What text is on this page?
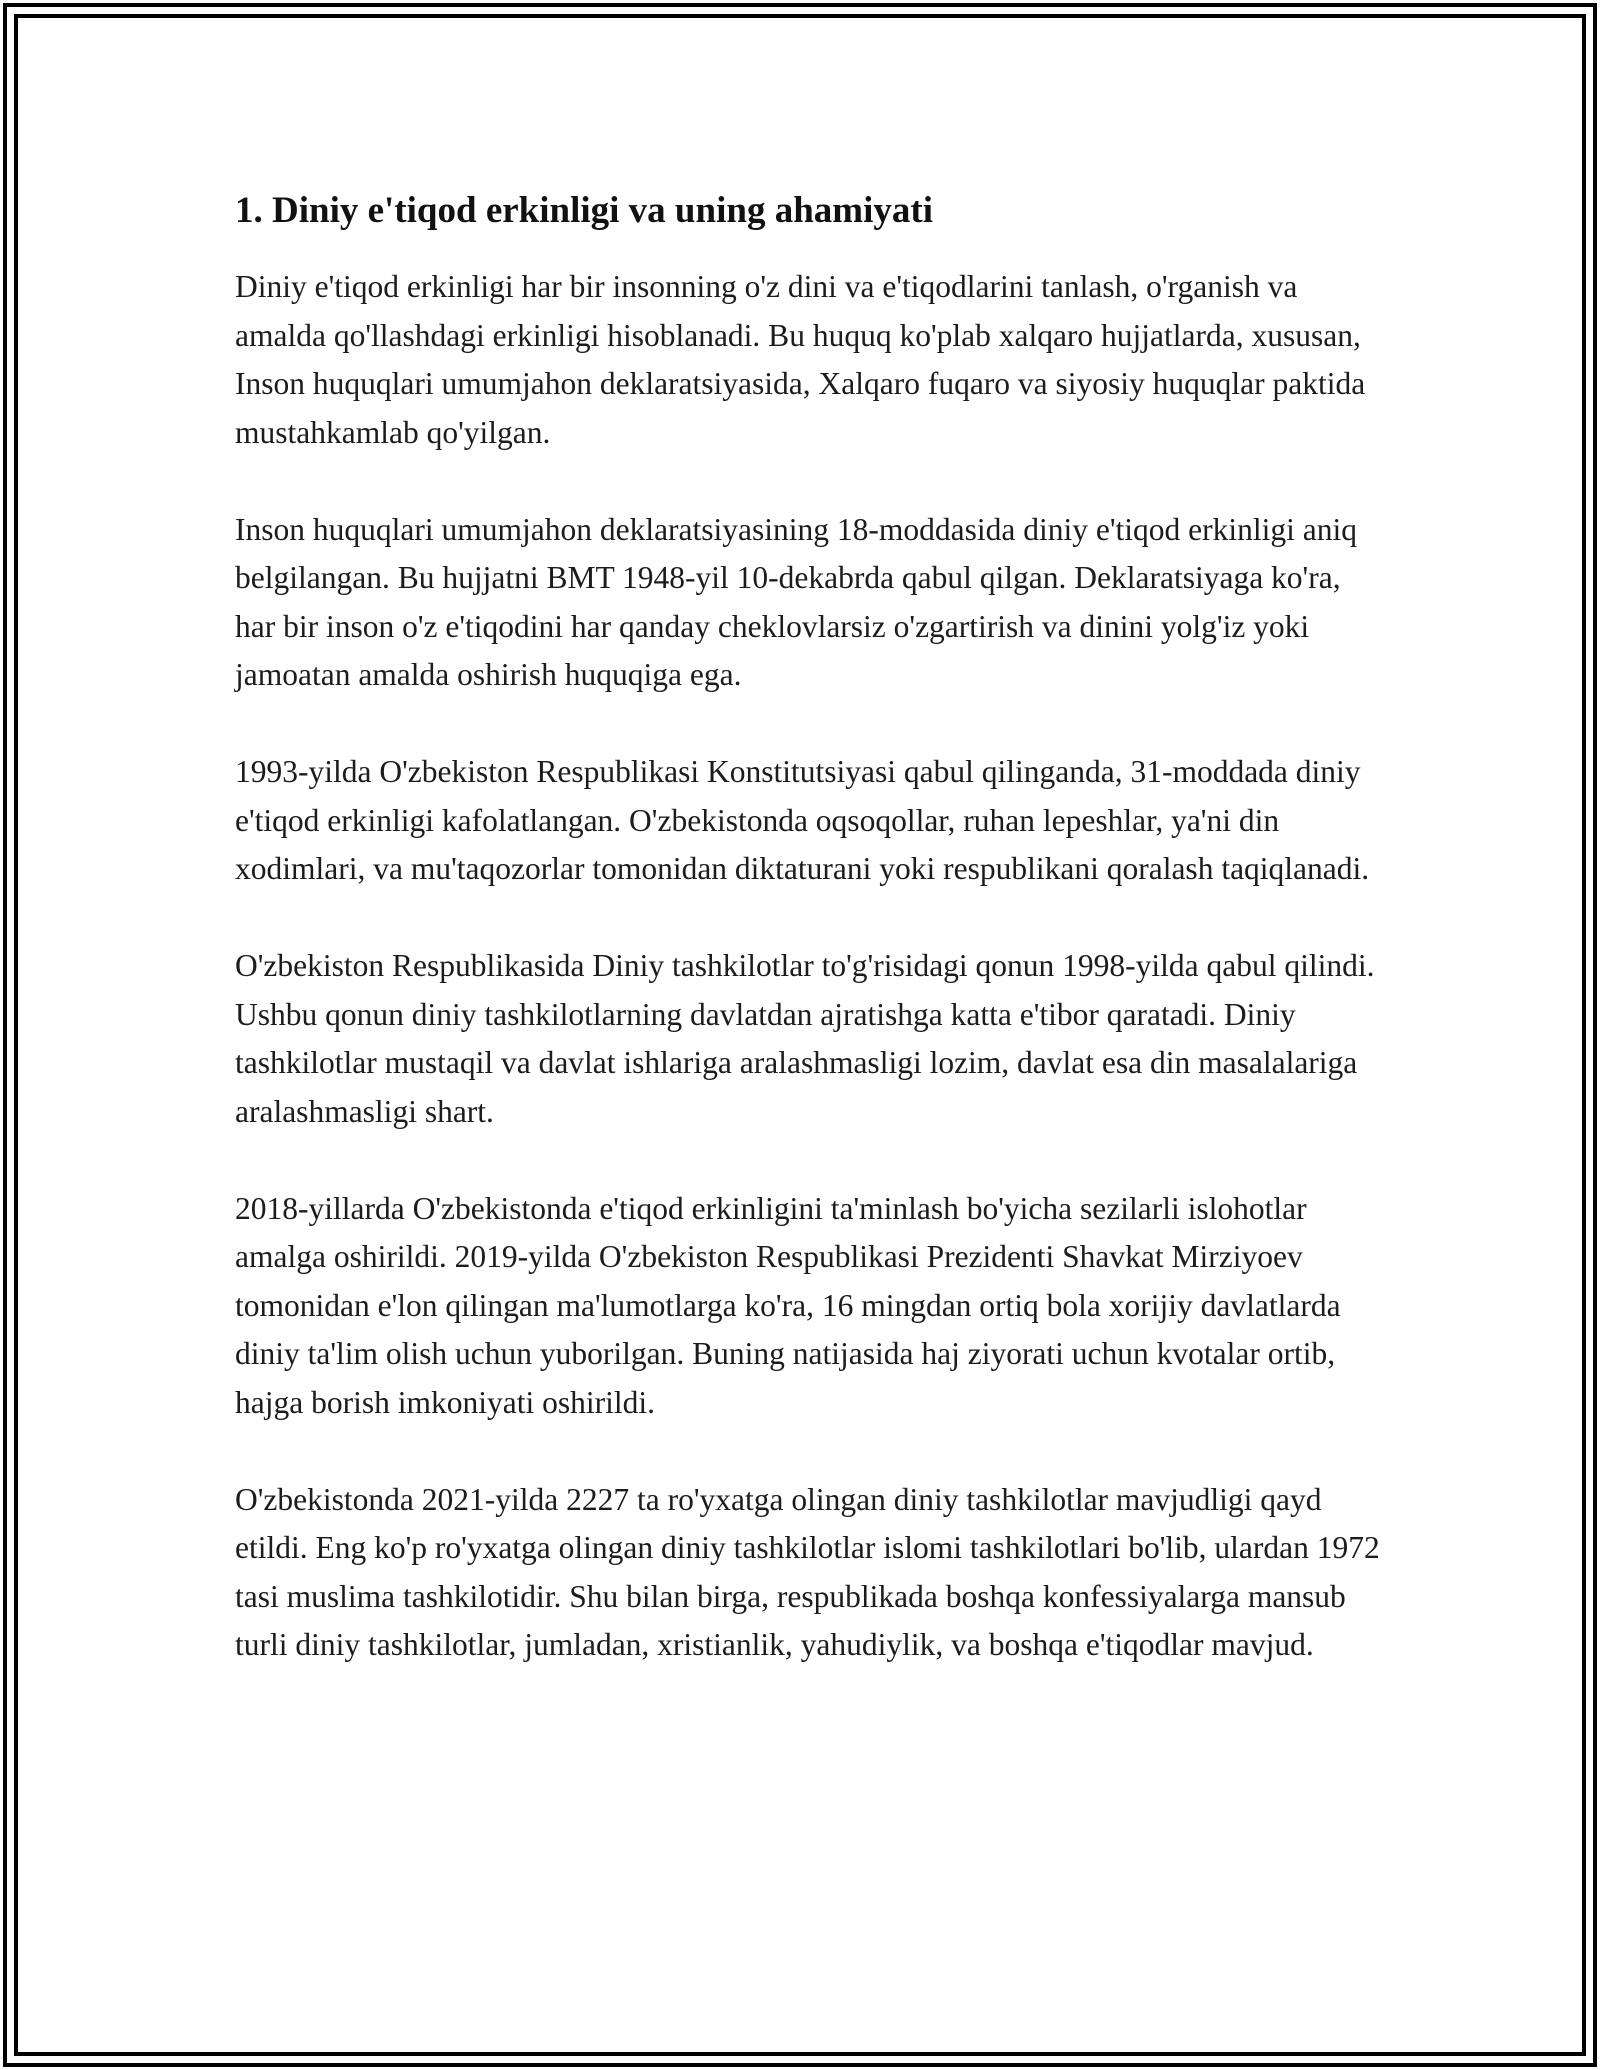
1. Diniy e'tiqod erkinligi va uning ahamiyati

Diniy e'tiqod erkinligi har bir insonning o'z dini va e'tiqodlarini tanlash, o'rganish va amalda qo'llashdagi erkinligi hisoblanadi. Bu huquq ko'plab xalqaro hujjatlarda, xususan, Inson huquqlari umumjahon deklaratsiyasida, Xalqaro fuqaro va siyosiy huquqlar paktida mustahkamlab qo'yilgan.

Inson huquqlari umumjahon deklaratsiyasining 18-moddasida diniy e'tiqod erkinligi aniq belgilangan. Bu hujjatni BMT 1948-yil 10-dekabrda qabul qilgan. Deklaratsiyaga ko'ra, har bir inson o'z e'tiqodini har qanday cheklovlarsiz o'zgartirish va dinini yolg'iz yoki jamoatan amalda oshirish huquqiga ega.

1993-yilda O'zbekiston Respublikasi Konstitutsiyasi qabul qilinganda, 31-moddada diniy e'tiqod erkinligi kafolatlangan. O'zbekistonda oqsoqollar, ruhan lepeshlar, ya'ni din xodimlari, va mu'taqozorlar tomonidan diktaturani yoki respublikani qoralash taqiqlanadi.

O'zbekiston Respublikasida Diniy tashkilotlar to'g'risidagi qonun 1998-yilda qabul qilindi. Ushbu qonun diniy tashkilotlarning davlatdan ajratishga katta e'tibor qaratadi. Diniy tashkilotlar mustaqil va davlat ishlariga aralashmasligi lozim, davlat esa din masalalariga aralashmasligi shart.

2018-yillarda O'zbekistonda e'tiqod erkinligini ta'minlash bo'yicha sezilarli islohotlar amalga oshirildi. 2019-yilda O'zbekiston Respublikasi Prezidenti Shavkat Mirziyoev tomonidan e'lon qilingan ma'lumotlarga ko'ra, 16 mingdan ortiq bola xorijiy davlatlarda diniy ta'lim olish uchun yuborilgan. Buning natijasida haj ziyorati uchun kvotalar ortib, hajga borish imkoniyati oshirildi.

O'zbekistonda 2021-yilda 2227 ta ro'yxatga olingan diniy tashkilotlar mavjudligi qayd etildi. Eng ko'p ro'yxatga olingan diniy tashkilotlar islomi tashkilotlari bo'lib, ulardan 1972 tasi muslima tashkilotidir. Shu bilan birga, respublikada boshqa konfessiyalarga mansub turli diniy tashkilotlar, jumladan, xristianlik, yahudiylik, va boshqa e'tiqodlar mavjud.
